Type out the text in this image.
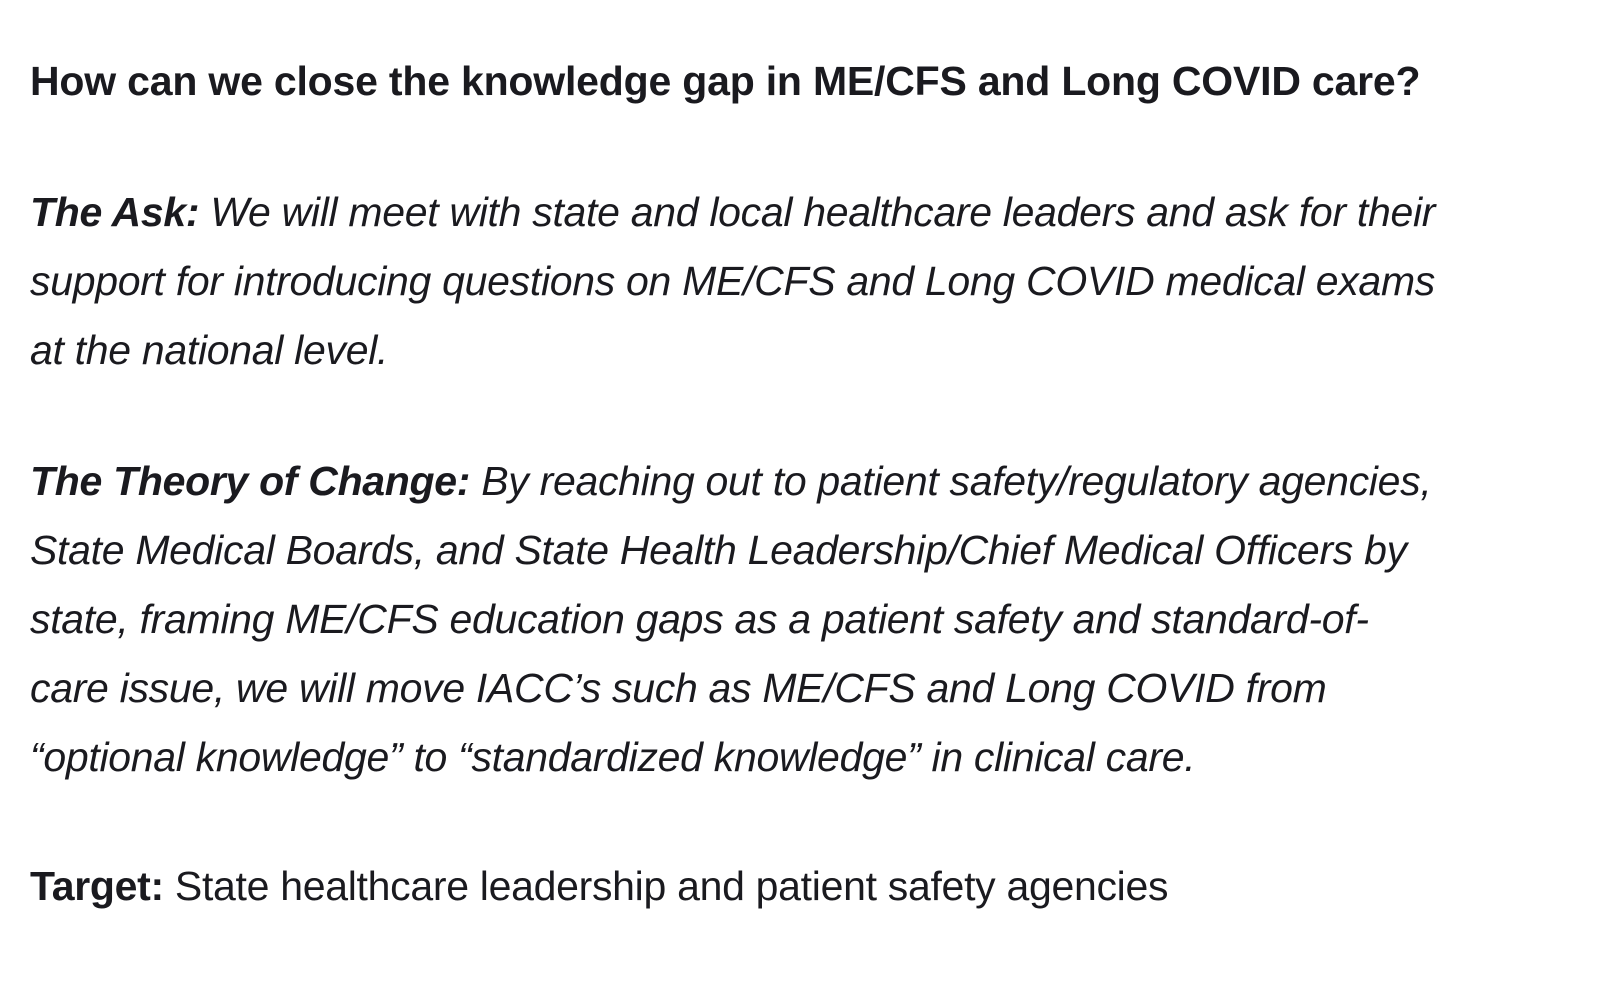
How can we close the knowledge gap in ME/CFS and Long COVID care?

The Ask: We will meet with state and local healthcare leaders and ask for their
support for introducing questions on ME/CFS and Long COVID medical exams
at the national level.

The Theory of Change: By reaching out to patient safety/regulatory agencies,
State Medical Boards, and State Health Leadership/Chief Medical Officers by
state, framing ME/CFS education gaps as a patient safety and standard-of-
care issue, we will move IACC’s such as ME/CFS and Long COVID from
“optional knowledge” to “standardized knowledge” in clinical care.

Target: State healthcare leadership and patient safety agencies
